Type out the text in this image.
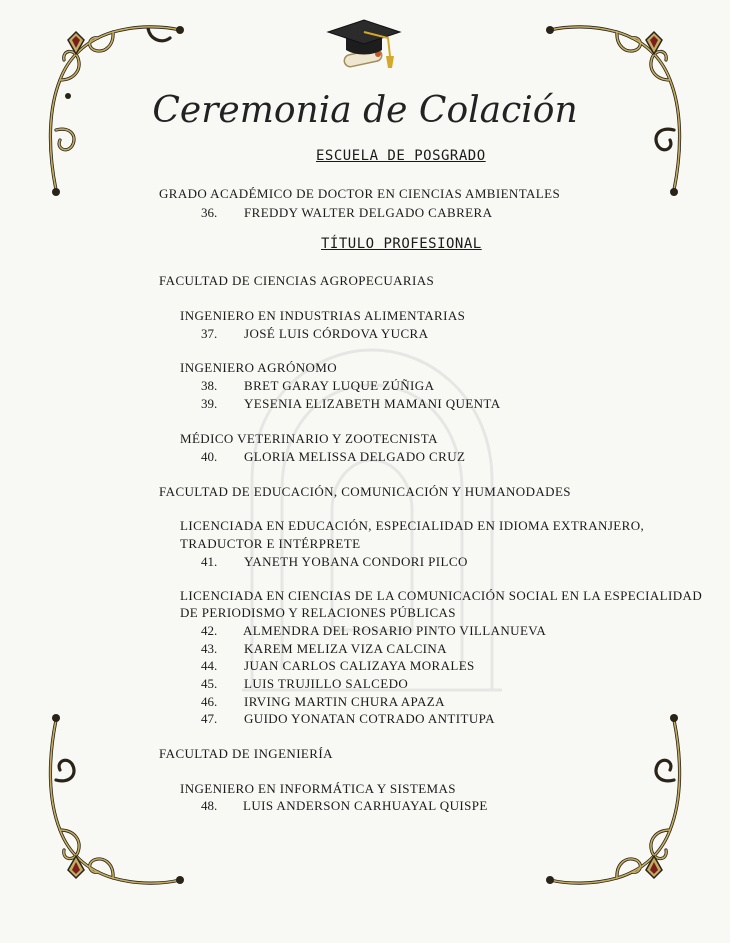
Ceremonia de Colación
ESCUELA DE POSGRADO
GRADO ACADÉMICO DE DOCTOR EN CIENCIAS AMBIENTALES
36. FREDDY WALTER DELGADO CABRERA
TÍTULO PROFESIONAL
FACULTAD DE CIENCIAS AGROPECUARIAS
INGENIERO EN INDUSTRIAS ALIMENTARIAS
37. JOSÉ LUIS CÓRDOVA YUCRA
INGENIERO AGRÓNOMO
38. BRET GARAY LUQUE ZÚÑIGA
39. YESENIA ELIZABETH MAMANI QUENTA
MÉDICO VETERINARIO Y ZOOTECNISTA
40. GLORIA MELISSA DELGADO CRUZ
FACULTAD DE EDUCACIÓN, COMUNICACIÓN Y HUMANODADES
LICENCIADA EN EDUCACIÓN, ESPECIALIDAD EN IDIOMA EXTRANJERO,
TRADUCTOR E INTÉRPRETE
41. YANETH YOBANA CONDORI PILCO
LICENCIADA EN CIENCIAS DE LA COMUNICACIÓN SOCIAL EN LA ESPECIALIDAD
DE PERIODISMO Y RELACIONES PÚBLICAS
42. ALMENDRA DEL ROSARIO PINTO VILLANUEVA
43. KAREM MELIZA VIZA CALCINA
44. JUAN CARLOS CALIZAYA MORALES
45. LUIS TRUJILLO SALCEDO
46. IRVING MARTIN CHURA APAZA
47. GUIDO YONATAN COTRADO ANTITUPA
FACULTAD DE INGENIERÍA
INGENIERO EN INFORMÁTICA Y SISTEMAS
48. LUIS ANDERSON CARHUAYAL QUISPE
